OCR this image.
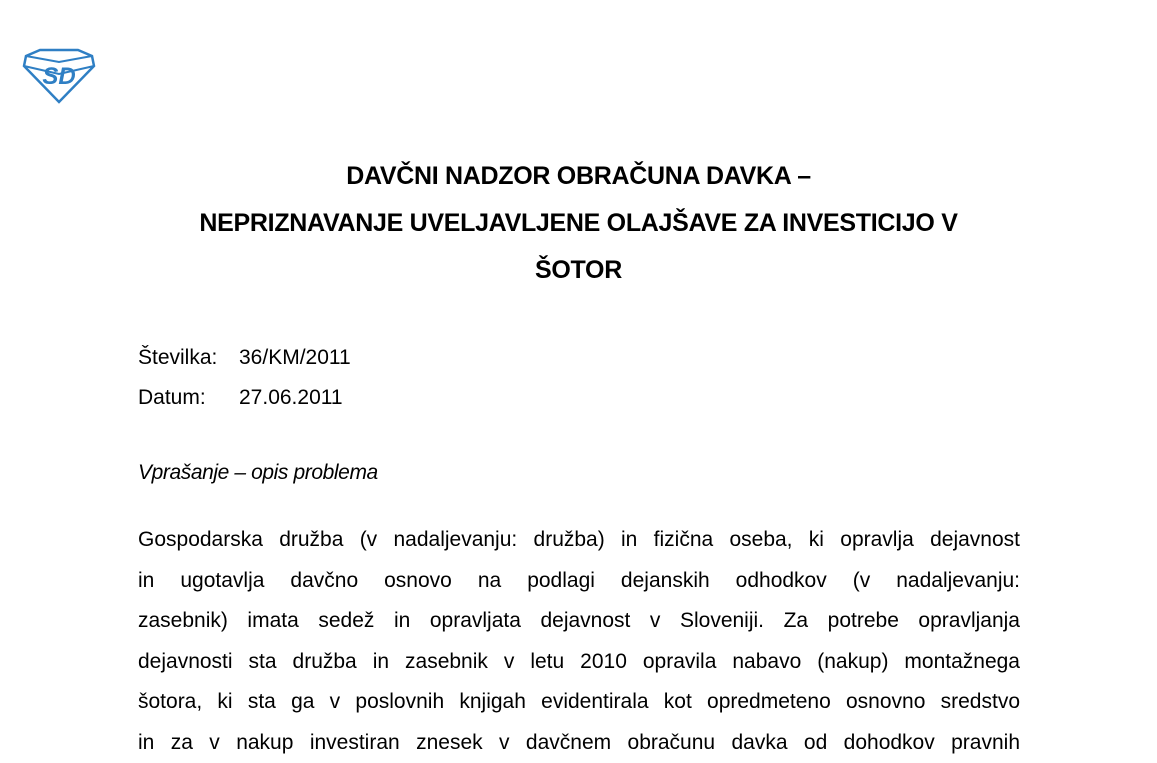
SD
DAVČNI NADZOR OBRAČUNA DAVKA –
NEPRIZNAVANJE UVELJAVLJENE OLAJŠAVE ZA INVESTICIJO V
ŠOTOR
Številka:	36/KM/2011
Datum:	27.06.2011
Vprašanje – opis problema
Gospodarska družba (v nadaljevanju: družba) in fizična oseba, ki opravlja dejavnost
in ugotavlja davčno osnovo na podlagi dejanskih odhodkov (v nadaljevanju:
zasebnik) imata sedež in opravljata dejavnost v Sloveniji. Za potrebe opravljanja
dejavnosti sta družba in zasebnik v letu 2010 opravila nabavo (nakup) montažnega
šotora, ki sta ga v poslovnih knjigah evidentirala kot opredmeteno osnovno sredstvo
in za v nakup investiran znesek v davčnem obračunu davka od dohodkov pravnih
